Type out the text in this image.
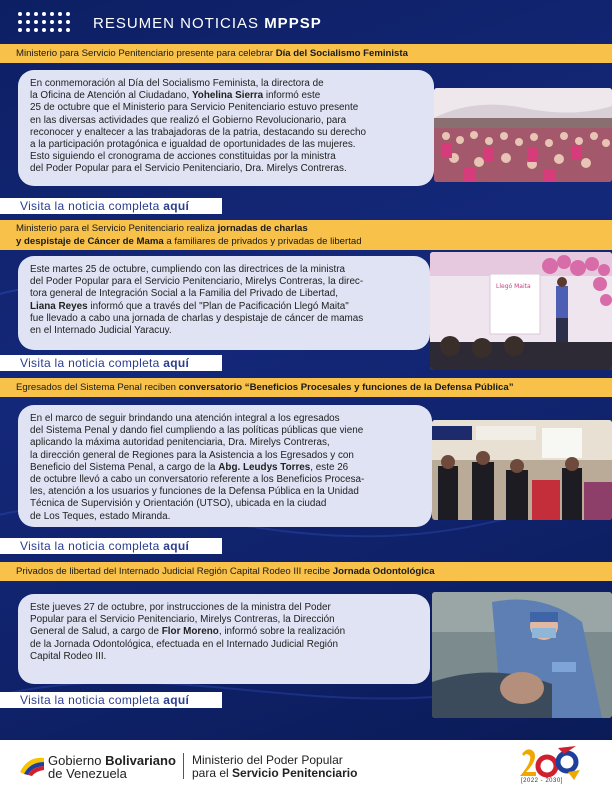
RESUMEN NOTICIAS MPPSP
Ministerio para Servicio Penitenciario presente para celebrar Día del Socialismo Feminista
En conmemoración al Día del Socialismo Feminista, la directora de
la Oficina de Atención al Ciudadano, Yohelina Sierra informó este
25 de octubre que el Ministerio para Servicio Penitenciario estuvo presente
en las diversas actividades que realizó el Gobierno Revolucionario, para
reconocer y enaltecer a las trabajadoras de la patria, destacando su derecho
a la participación protagónica e igualdad de oportunidades de las mujeres.
Esto siguiendo el cronograma de acciones constituidas por la ministra
del Poder Popular para el Servicio Penitenciario, Dra. Mirelys Contreras.
Visita la noticia completa aquí
Ministerio para el Servicio Penitenciario realiza jornadas de charlas
y despistaje de Cáncer de Mama a familiares de privados y privadas de libertad
Este martes 25 de octubre, cumpliendo con las directrices de la ministra
del Poder Popular para el Servicio Penitenciario, Mirelys Contreras, la direc-
tora general de Integración Social a la Familia del Privado de Libertad,
Liana Reyes informó que a través del "Plan de Pacificación Llegó Maita"
fue llevado a cabo una jornada de charlas y despistaje de cáncer de mamas
en el Internado Judicial Yaracuy.
Llegó Maita
Visita la noticia completa aquí
Egresados del Sistema Penal reciben conversatorio “Beneficios Procesales y funciones de la Defensa Pública”
En el marco de seguir brindando una atención integral a los egresados
del Sistema Penal y dando fiel cumpliendo a las políticas públicas que viene
aplicando la máxima autoridad penitenciaria, Dra. Mirelys Contreras,
la dirección general de Regiones para la Asistencia a los Egresados y con
Beneficio del Sistema Penal, a cargo de la Abg. Leudys Torres, este 26
de octubre llevó a cabo un conversatorio referente a los Beneficios Procesa-
les, atención a los usuarios y funciones de la Defensa Pública en la Unidad
Técnica de Supervisión y Orientación (UTSO), ubicada en la ciudad
de Los Teques, estado Miranda.
Visita la noticia completa aquí
Privados de libertad del Internado Judicial Región Capital Rodeo III recibe Jornada Odontológica
Este jueves 27 de octubre, por instrucciones de la ministra del Poder
Popular para el Servicio Penitenciario, Mirelys Contreras, la Dirección
General de Salud, a cargo de Flor Moreno, informó sobre la realización
de la Jornada Odontológica, efectuada en el Internado Judicial Región
Capital Rodeo III.
Visita la noticia completa aquí
Gobierno Bolivariano
de Venezuela
Ministerio del Poder Popular
para el Servicio Penitenciario
[2022 - 2030]
